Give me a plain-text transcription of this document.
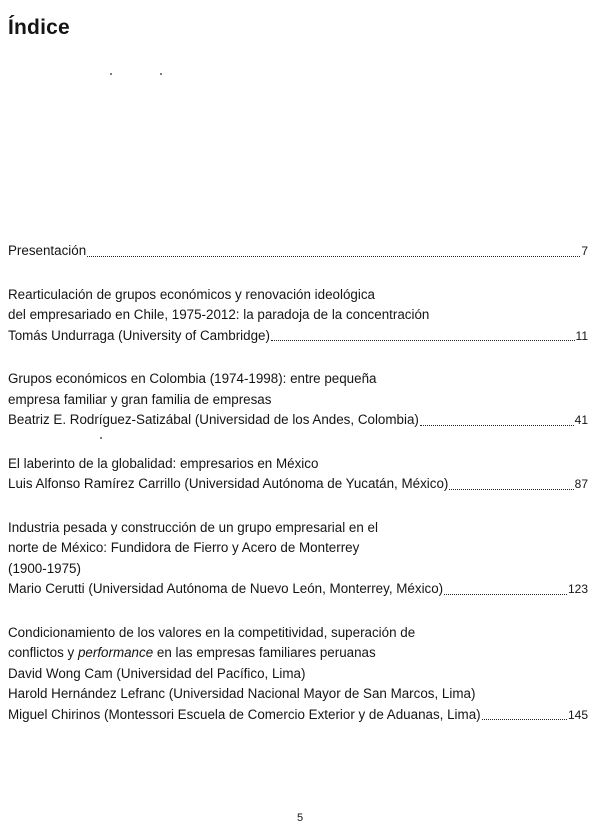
Índice
Presentación	7
Rearticulación de grupos económicos y renovación ideológica
del empresariado en Chile, 1975-2012: la paradoja de la concentración
Tomás Undurraga (University of Cambridge)	11
Grupos económicos en Colombia (1974-1998): entre pequeña
empresa familiar y gran familia de empresas
Beatriz E. Rodríguez-Satizábal (Universidad de los Andes, Colombia)	41
El laberinto de la globalidad: empresarios en México
Luis Alfonso Ramírez Carrillo (Universidad Autónoma de Yucatán, México)	87
Industria pesada y construcción de un grupo empresarial en el
norte de México: Fundidora de Fierro y Acero de Monterrey
(1900-1975)
Mario Cerutti (Universidad Autónoma de Nuevo León, Monterrey, México)	123
Condicionamiento de los valores en la competitividad, superación de
conflictos y performance en las empresas familiares peruanas
David Wong Cam (Universidad del Pacífico, Lima)
Harold Hernández Lefranc (Universidad Nacional Mayor de San Marcos, Lima)
Miguel Chirinos (Montessori Escuela de Comercio Exterior y de Aduanas, Lima)	145
5
